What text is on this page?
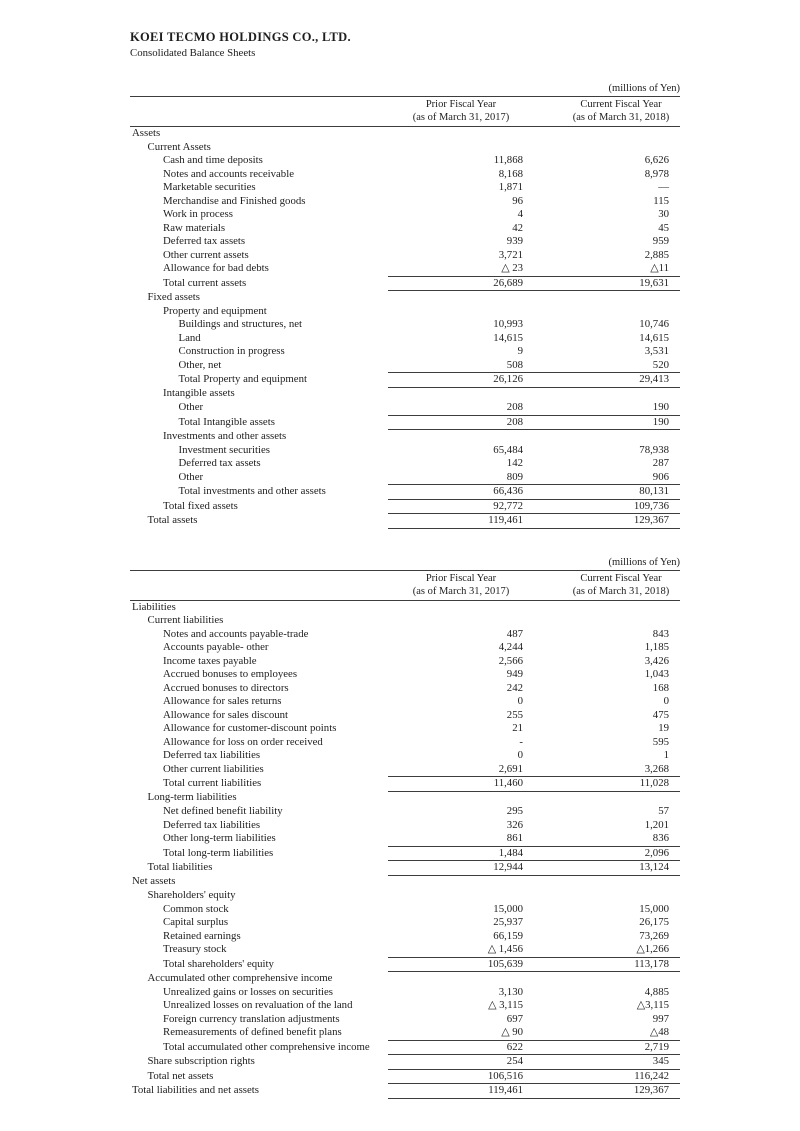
KOEI TECMO HOLDINGS CO., LTD.
Consolidated Balance Sheets
(millions of Yen)

Prior Fiscal Year
(as of March 31, 2017)

Current Fiscal Year
(as of March 31, 2018)

Assets		
Current Assets		
Cash and time deposits	11,868	6,626
Notes and accounts receivable	8,168	8,978
Marketable securities	1,871	—
Merchandise and Finished goods	96	115
Work in process	4	30
Raw materials	42	45
Deferred tax assets	939	959
Other current assets	3,721	2,885
Allowance for bad debts	△ 23	△11
Total current assets	26,689	19,631
Fixed assets		
Property and equipment		
Buildings and structures, net	10,993	10,746
Land	14,615	14,615
Construction in progress	9	3,531
Other, net	508	520
Total Property and equipment	26,126	29,413
Intangible assets		
Other	208	190
Total Intangible assets	208	190
Investments and other assets		
Investment securities	65,484	78,938
Deferred tax assets	142	287
Other	809	906
Total investments and other assets	66,436	80,131
Total fixed assets	92,772	109,736
Total assets	119,461	129,367
(millions of Yen)

Prior Fiscal Year
(as of March 31, 2017)

Current Fiscal Year
(as of March 31, 2018)

Liabilities		
Current liabilities		
Notes and accounts payable-trade	487	843
Accounts payable- other	4,244	1,185
Income taxes payable	2,566	3,426
Accrued bonuses to employees	949	1,043
Accrued bonuses to directors	242	168
Allowance for sales returns	0	0
Allowance for sales discount	255	475
Allowance for customer-discount points	21	19
Allowance for loss on order received	-	595
Deferred tax liabilities	0	1
Other current liabilities	2,691	3,268
Total current liabilities	11,460	11,028
Long-term liabilities		
Net defined benefit liability	295	57
Deferred tax liabilities	326	1,201
Other long-term liabilities	861	836
Total long-term liabilities	1,484	2,096
Total liabilities	12,944	13,124
Net assets		
Shareholders' equity		
Common stock	15,000	15,000
Capital surplus	25,937	26,175
Retained earnings	66,159	73,269
Treasury stock	△ 1,456	△1,266
Total shareholders' equity	105,639	113,178
Accumulated other comprehensive income		
Unrealized gains or losses on securities	3,130	4,885
Unrealized losses on revaluation of the land	△ 3,115	△3,115
Foreign currency translation adjustments	697	997
Remeasurements of defined benefit plans	△ 90	△48
Total accumulated other comprehensive income	622	2,719
Share subscription rights	254	345
Total net assets	106,516	116,242
Total liabilities and net assets	119,461	129,367
